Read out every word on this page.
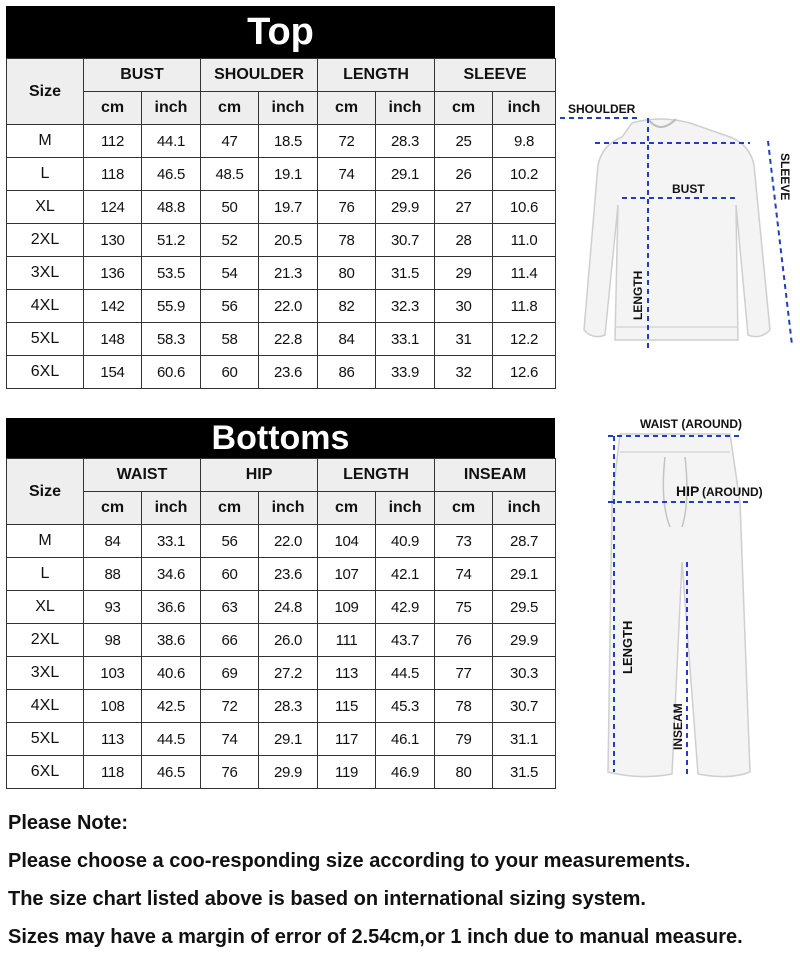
Top
Size	BUST		SHOULDER		LENGTH		SLEEVE	
	cm	inch	cm	inch	cm	inch	cm	inch
M	112	44.1	47	18.5	72	28.3	25	9.8
L	118	46.5	48.5	19.1	74	29.1	26	10.2
XL	124	48.8	50	19.7	76	29.9	27	10.6
2XL	130	51.2	52	20.5	78	30.7	28	11.0
3XL	136	53.5	54	21.3	80	31.5	29	11.4
4XL	142	55.9	56	22.0	82	32.3	30	11.8
5XL	148	58.3	58	22.8	84	33.1	31	12.2
6XL	154	60.6	60	23.6	86	33.9	32	12.6
SHOULDER
BUST
LENGTH
SLEEVE
Bottoms
Size	WAIST		HIP		LENGTH		INSEAM	
	cm	inch	cm	inch	cm	inch	cm	inch
M	84	33.1	56	22.0	104	40.9	73	28.7
L	88	34.6	60	23.6	107	42.1	74	29.1
XL	93	36.6	63	24.8	109	42.9	75	29.5
2XL	98	38.6	66	26.0	111	43.7	76	29.9
3XL	103	40.6	69	27.2	113	44.5	77	30.3
4XL	108	42.5	72	28.3	115	45.3	78	30.7
5XL	113	44.5	74	29.1	117	46.1	79	31.1
6XL	118	46.5	76	29.9	119	46.9	80	31.5
WAIST (AROUND)
HIP (AROUND)
LENGTH
INSEAM
Please Note:
Please choose a coo-responding size according to your measurements.
The size chart listed above is based on international sizing system.
Sizes may have a margin of error of 2.54cm,or 1 inch due to manual measure.
